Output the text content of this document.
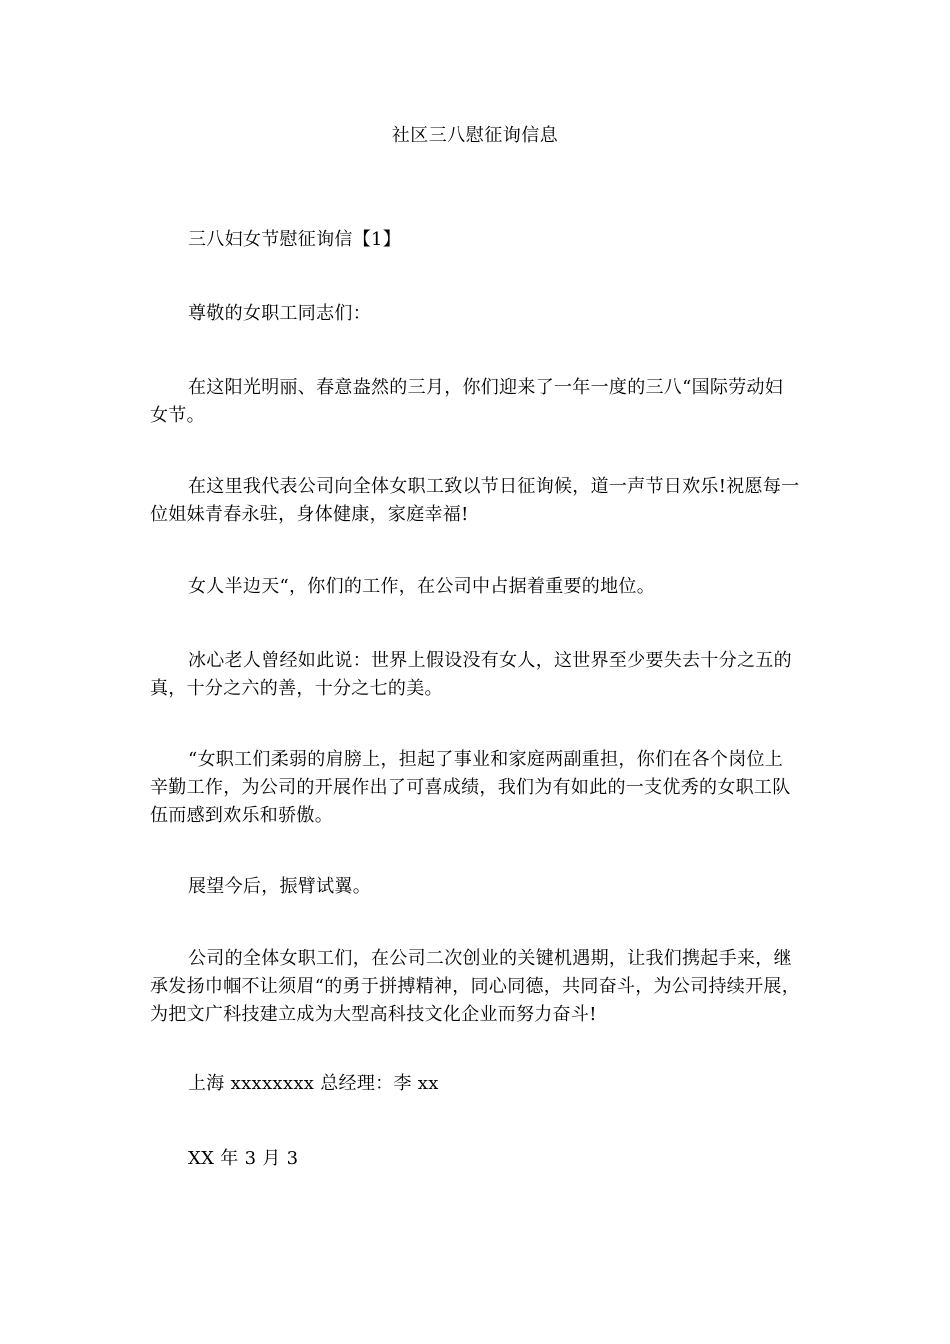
社区三八慰征询信息

三八妇女节慰征询信【1】

尊敬的女职工同志们：

在这阳光明丽、春意盎然的三月，你们迎来了一年一度的三八“国际劳动妇女节。

在这里我代表公司向全体女职工致以节日征询候，道一声节日欢乐!祝愿每一位姐妹青春永驻，身体健康，家庭幸福!

女人半边天“，你们的工作，在公司中占据着重要的地位。

冰心老人曾经如此说：世界上假设没有女人，这世界至少要失去十分之五的真，十分之六的善，十分之七的美。

“女职工们柔弱的肩膀上，担起了事业和家庭两副重担，你们在各个岗位上辛勤工作，为公司的开展作出了可喜成绩，我们为有如此的一支优秀的女职工队伍而感到欢乐和骄傲。

展望今后，振臂试翼。

公司的全体女职工们，在公司二次创业的关键机遇期，让我们携起手来，继承发扬巾帼不让须眉“的勇于拼搏精神，同心同德，共同奋斗，为公司持续开展，为把文广科技建立成为大型高科技文化企业而努力奋斗!

上海 xxxxxxxx 总经理：李 xx

XX 年 3 月 3
